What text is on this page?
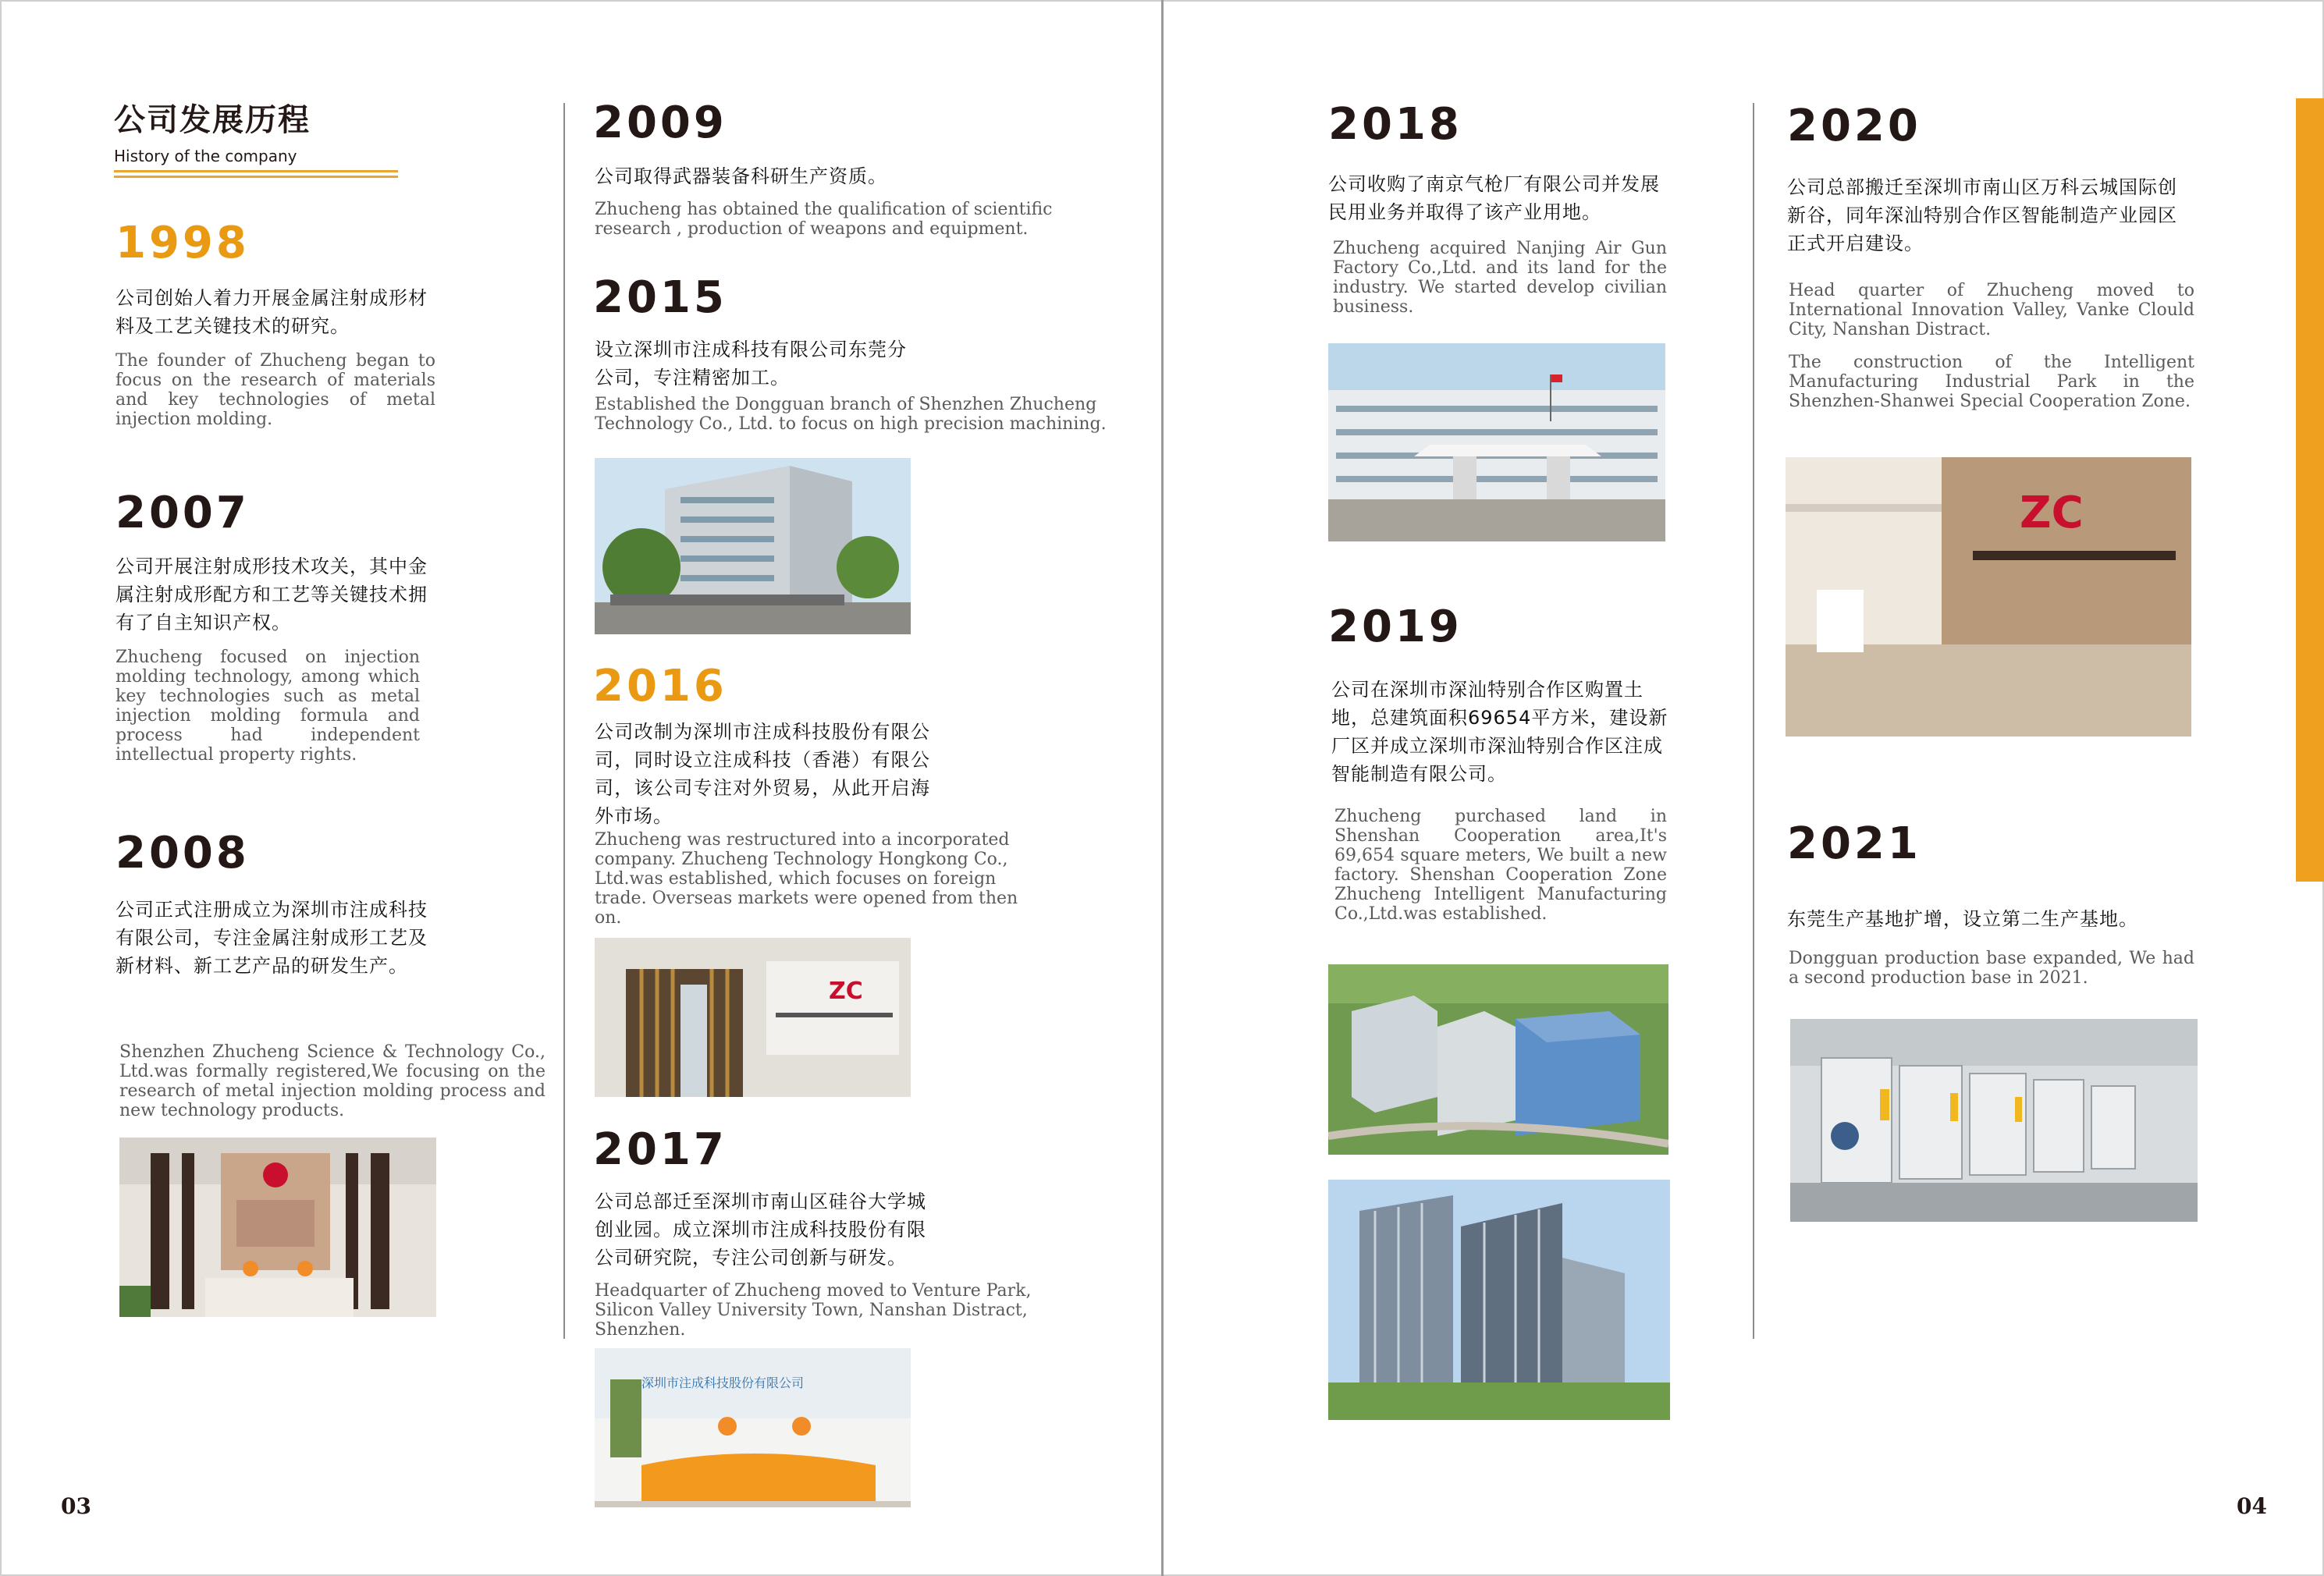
公司发展历程
History of the company
1998
公司创始人着力开展金属注射成形材料及工艺关键技术的研究。
The founder of Zhucheng began to focus on the research of materials and key technologies of metal injection molding.
2007
公司开展注射成形技术攻关，其中金属注射成形配方和工艺等关键技术拥有了自主知识产权。
Zhucheng focused on injection molding technology, among which key technologies such as metal injection molding formula and process had independent intellectual property rights.
2008
公司正式注册成立为深圳市注成科技有限公司，专注金属注射成形工艺及新材料、新工艺产品的研发生产。
Shenzhen Zhucheng Science & Technology Co., Ltd.was formally registered,We focusing on the research of metal injection molding process and new technology products.
2009
公司取得武器装备科研生产资质。
Zhucheng has obtained the qualification of scientific research , production of weapons and equipment.
2015
设立深圳市注成科技有限公司东莞分公司，专注精密加工。
Established the Dongguan branch of Shenzhen Zhucheng Technology Co., Ltd. to focus on high precision machining.
2016
公司改制为深圳市注成科技股份有限公司，同时设立注成科技（香港）有限公司，该公司专注对外贸易，从此开启海外市场。
Zhucheng was restructured into a incorporated company. Zhucheng Technology Hongkong Co., Ltd.was established, which focuses on foreign trade. Overseas markets were opened from then on.
ZC
2017
公司总部迁至深圳市南山区硅谷大学城创业园。成立深圳市注成科技股份有限公司研究院，专注公司创新与研发。
Headquarter of Zhucheng moved to Venture Park, Silicon Valley University Town, Nanshan Distract, Shenzhen.
深圳市注成科技股份有限公司
03
2018
公司收购了南京气枪厂有限公司并发展民用业务并取得了该产业用地。
Zhucheng acquired Nanjing Air Gun Factory Co.,Ltd. and its land for the industry. We started develop civilian business.
2019
公司在深圳市深汕特别合作区购置土地，总建筑面积69654平方米，建设新厂区并成立深圳市深汕特别合作区注成智能制造有限公司。
Zhucheng purchased land in Shenshan Cooperation area,It's 69,654 square meters, We built a new factory. Shenshan Cooperation Zone Zhucheng Intelligent Manufacturing Co.,Ltd.was established.
2020
公司总部搬迁至深圳市南山区万科云城国际创新谷，同年深汕特别合作区智能制造产业园区正式开启建设。
Head quarter of Zhucheng moved to International Innovation Valley, Vanke Clould City, Nanshan Distract.
The construction of the Intelligent Manufacturing Industrial Park in the Shenzhen-Shanwei Special Cooperation Zone.
ZC
2021
东莞生产基地扩增，设立第二生产基地。
Dongguan production base expanded, We had a second production base in 2021.
04
